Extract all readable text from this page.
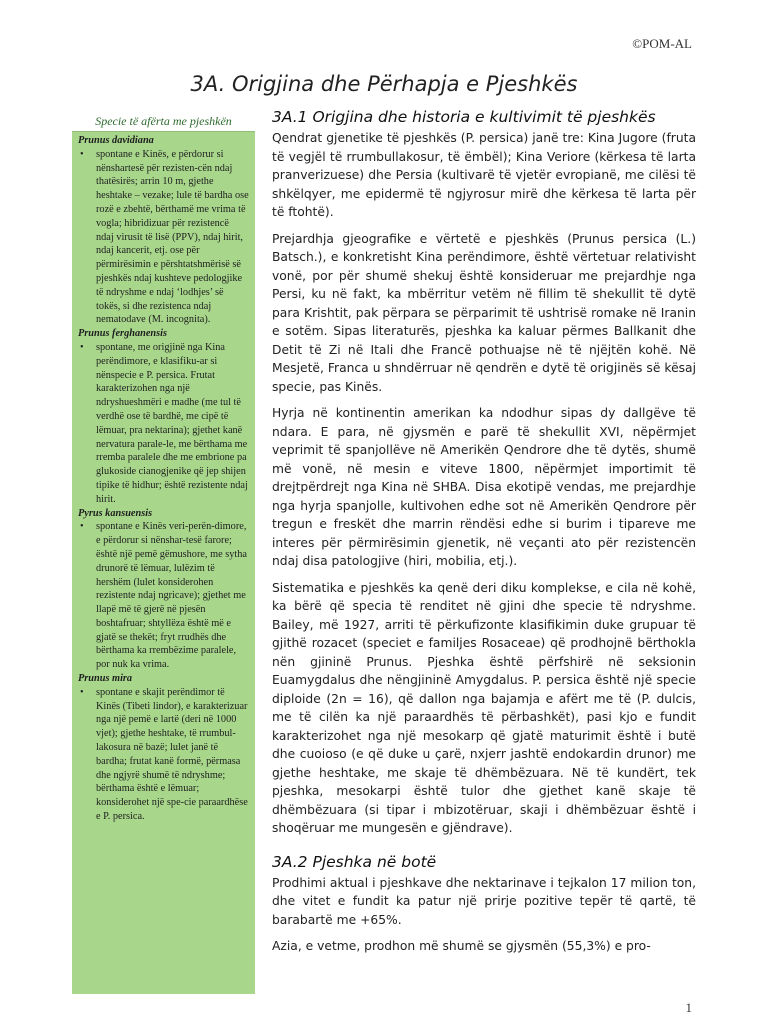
©POM-AL
3A. Origjina dhe Përhapja e Pjeshkës
Specie të afërta me pjeshkën

Prunus davidiana

• spontane e Kinës, e përdorur si nënshartesë për rezisten-cën ndaj thatësirës; arrin 10 m, gjethe heshtake – vezake; lule të bardha ose rozë e zbehtë, bërthamë me vrima të vogla; hibridizuar për rezistencë ndaj virusit të lisë (PPV), ndaj hirit, ndaj kancerit, etj. ose për përmirësimin e përshtatshmërisë së pjeshkës ndaj kushteve pedologjike të ndryshme e ndaj ‘lodhjes’ së tokës, si dhe rezistenca ndaj nematodave (M. incognita).

Prunus ferghanensis

• spontane, me origjinë nga Kina perëndimore, e klasifiku-ar si nënspecie e P. persica. Frutat karakterizohen nga një ndryshueshmëri e madhe (me tul të verdhë ose të bardhë, me cipë të lëmuar, pra nektarina); gjethet kanë nervatura parale-le, me bërthama me rrembа paralele dhe me embrione pa glukoside cianogjenike që jep shijen tipike të hidhur; është rezistente ndaj hirit.

Pyrus kansuensis

• spontane e Kinës veri-perën-dimore, e përdorur si nënshar-tesë farore; është një pemë gëmushore, me sytha drunorë të lëmuar, lulëzim të hershëm (lulet konsiderohen rezistente ndaj ngricave); gjethet me llapë më të gjerë në pjesën boshtafruar; shtyllëza është më e gjatë se thekët; fryt rrudhës dhe bërthama ka rrembëzime paralele, por nuk ka vrima.

Prunus mira

• spontane e skajit perëndimor të Kinës (Tibeti lindor), e karakterizuar nga një pemë e lartë (deri në 1000 vjet); gjethe heshtake, të rrumbul-lakosura në bazë; lulet janë të bardha; frutat kanë formë, përmasa dhe ngjyrë shumë të ndryshme; bërthama është e lëmuar; konsiderohet një spe-cie paraardhëse e P. persica.

3A.1 Origjina dhe historia e kultivimit të pjeshkës

Qendrat gjenetike të pjeshkës (P. persica) janë tre: Kina Jugore (fruta të vegjël të rrumbullakosur, të ëmbël); Kina Veriore (kërkesa të larta pranverizuese) dhe Persia (kultivarë të vjetër evropianë, me cilësi të shkëlqyer, me epidermë të ngjyrosur mirë dhe kërkesa të larta për të ftohtë).

Prejardhja gjeografike e vërtetë e pjeshkës (Prunus persica (L.) Batsch.), e konkretisht Kina perëndimore, është vërtetuar relativisht vonë, por për shumë shekuj është konsideruar me prejardhje nga Persi, ku në fakt, ka mbërritur vetëm në fillim të shekullit të dytë para Krishtit, pak përpara se përparimit të ushtrisë romake në Iranin e sotëm. Sipas literaturës, pjeshka ka kaluar përmes Ballkanit dhe Detit të Zi në Itali dhe Francë pothuajse në të njëjtën kohë. Në Mesjetë, Franca u shndërruar në qendrën e dytë të origjinës së kësaj specie, pas Kinës.

Hyrja në kontinentin amerikan ka ndodhur sipas dy dallgëve të ndara. E para, në gjysmën e parë të shekullit XVI, nëpërmjet veprimit të spanjollëve në Amerikën Qendrore dhe të dytës, shumë më vonë, në mesin e viteve 1800, nëpërmjet importimit të drejtpërdrejt nga Kina në SHBA. Disa ekotipë vendas, me prejardhje nga hyrja spanjolle, kultivohen edhe sot në Amerikën Qendrore për tregun e freskët dhe marrin rëndësi edhe si burim i tipareve me interes për përmirësimin gjenetik, në veçanti ato për rezistencën ndaj disa patologjive (hiri, mobilia, etj.).

Sistematika e pjeshkës ka qenë deri diku komplekse, e cila në kohë, ka bërë që specia të renditet në gjini dhe specie të ndryshme. Bailey, më 1927, arriti të përkufizonte klasifikimin duke grupuar të gjithë rozacet (speciet e familjes Rosaceae) që prodhojnë bërthokla nën gjininë Prunus. Pjeshka është përfshirë në seksionin Euamygdalus dhe nëngjininë Amygdalus. P. persica është një specie diploide (2n = 16), që dallon nga bajamja e afërt me të (P. dulcis, me të cilën ka një paraardhës të përbashkët), pasi kjo e fundit karakterizohet nga një mesokarp që gjatë maturimit është i butë dhe cuoioso (e që duke u çarë, nxjerr jashtë endokardin drunor) me gjethe heshtake, me skaje të dhëmbëzuara. Në të kundërt, tek pjeshka, mesokarpi është tulor dhe gjethet kanë skaje të dhëmbëzuara (si tipar i mbizotëruar, skaji i dhëmbëzuar është i shoqëruar me mungesën e gjëndrave).

3A.2 Pjeshka në botë

Prodhimi aktual i pjeshkave dhe nektarinave i tejkalon 17 milion ton, dhe vitet e fundit ka patur një prirje pozitive tepër të qartë, të barabartë me +65%.

Azia, e vetme, prodhon më shumë se gjysmën (55,3%) e pro-

1
